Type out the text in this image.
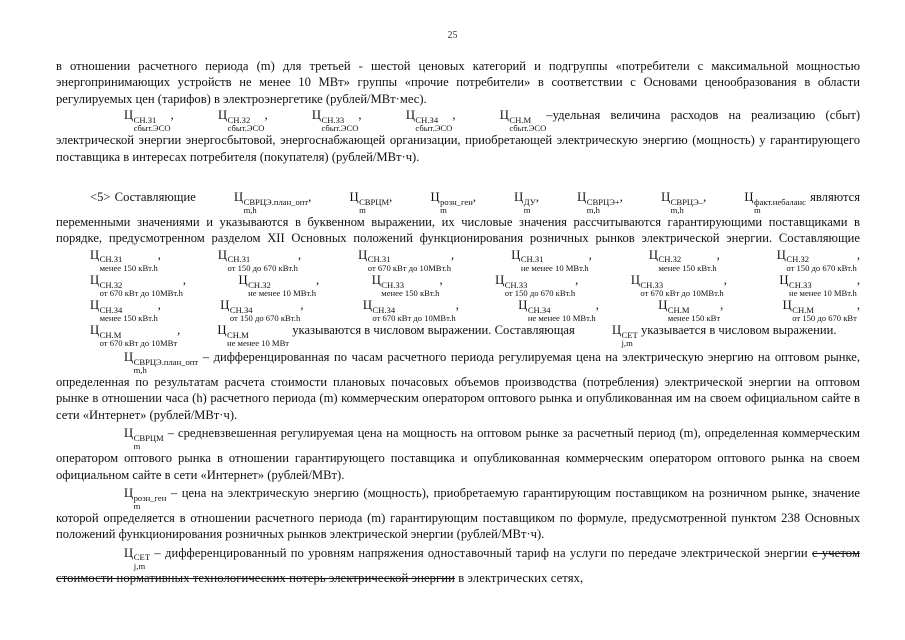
25

в отношении расчетного периода (m) для третьей - шестой ценовых категорий и подгруппы «потребители с максимальной мощностью энергопринимающих устройств не менее 10 МВт» группы «прочие потребители» в соответствии с Основами ценообразования в области регулируемых цен (тарифов) в электроэнергетике (рублей/МВт·мес).

Ц СН.З1
сбыт.ЭСО
,	Ц СН.З2
сбыт.ЭСО
,	Ц СН.З3
сбыт.ЭСО
,	Ц СН.З4
сбыт.ЭСО
,	Ц СН.М
сбыт.ЭСО
–удельная величина расходов на реализацию (сбыт) электрической энергии энергосбытовой, энергоснабжающей организации, приобретающей электрическую энергию (мощность) у гарантирующего поставщика в интересах потребителя (покупателя) (рублей/МВт·ч).

<5> Составляющие	Ц СВРЦЭ.план_опт
m,h
,	Ц СВРЦМ
m
,	Ц розн_ген
m
,	Ц ДУ
m
,	Ц СВРЦЭ+
m,h
,	Ц СВРЦЭ–
m,h
,	Ц факт.небаланс
m
являются переменными значениями и указываются в буквенном выражении, их числовые значения рассчитываются гарантирующими поставщиками в порядке, предусмотренном разделом XII Основных положений функционирования розничных рынков электрической энергии. Составляющие Ц СН.З1
менее 150 кВт.h
,	Ц СН.З1
от 150 до 670 кВт.h
,	Ц СН.З1
от 670 кВт до 10МВт.h
,	Ц СН.З1
не менее 10 МВт.h
,	Ц СН.З2
менее 150 кВт.h
,	Ц СН.З2
от 150 до 670 кВт.h
, Ц СН.З2
от 670 кВт до 10МВт.h
,	Ц СН.З2
не менее 10 МВт.h
,	Ц СН.З3
менее 150 кВт.h
,	Ц СН.З3
от 150 до 670 кВт.h
,	Ц СН.З3
от 670 кВт до 10МВт.h
,	Ц СН.З3
не менее 10 МВт.h
, Ц СН.З4
менее 150 кВт.h
,	Ц СН.З4
от 150 до 670 кВт.h
,	Ц СН.З4
от 670 кВт до 10МВт.h
,	Ц СН.З4
не менее 10 МВт.h
,	Ц СН.М
менее 150 кВт
,	Ц СН.М
от 150 до 670 кВт
, Ц СН.М
от 670 кВт до 10МВт
,	Ц СН.М
не менее 10 МВт
указываются в числовом выражении. Составляющая	Ц СЕТ
j,m
указывается в числовом выражении.

Ц СВРЦЭ.план_опт
m,h
– дифференцированная по часам расчетного периода регулируемая цена на электрическую энергию на оптовом рынке, определенная по результатам расчета стоимости плановых почасовых объемов производства (потребления) электрической энергии на оптовом рынке в отношении часа (h) расчетного периода (m) коммерческим оператором оптового рынка и опубликованная им на своем официальном сайте в сети «Интернет» (рублей/МВт·ч).

Ц СВРЦМ
m
– средневзвешенная регулируемая цена на мощность на оптовом рынке за расчетный период (m), определенная коммерческим оператором оптового рынка в отношении гарантирующего поставщика и опубликованная коммерческим оператором оптового рынка на своем официальном сайте в сети «Интернет» (рублей/МВт).

Ц розн_ген
m
– цена на электрическую энергию (мощность), приобретаемую гарантирующим поставщиком на розничном рынке, значение которой определяется в отношении расчетного периода (m) гарантирующим поставщиком по формуле, предусмотренной пунктом 238 Основных положений функционирования розничных рынков электрической энергии (рублей/МВт·ч).

Ц СЕТ
j,m
– дифференцированный по уровням напряжения одноставочный тариф на услуги по передаче электрической энергии с учетом стоимости нормативных технологических потерь электрической энергии в электрических сетях,
